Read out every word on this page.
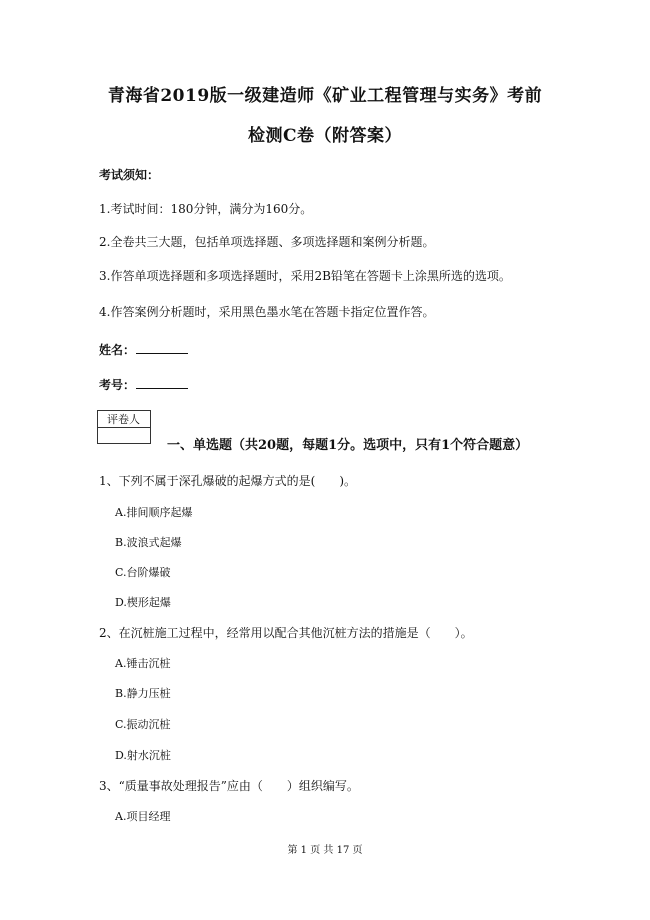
青海省2019版一级建造师《矿业工程管理与实务》考前
检测C卷（附答案）
考试须知：
1.考试时间：180分钟，满分为160分。
2.全卷共三大题，包括单项选择题、多项选择题和案例分析题。
3.作答单项选择题和多项选择题时，采用2B铅笔在答题卡上涂黑所选的选项。
4.作答案例分析题时，采用黑色墨水笔在答题卡指定位置作答。
姓名：
考号：
评卷人
一、单选题（共20题，每题1分。选项中，只有1个符合题意）
1、下列不属于深孔爆破的起爆方式的是(　　)。
A.排间顺序起爆
B.波浪式起爆
C.台阶爆破
D.楔形起爆
2、在沉桩施工过程中，经常用以配合其他沉桩方法的措施是（　　）。
A.锤击沉桩
B.静力压桩
C.振动沉桩
D.射水沉桩
3、“质量事故处理报告”应由（　　）组织编写。
A.项目经理
第 1 页 共 17 页
